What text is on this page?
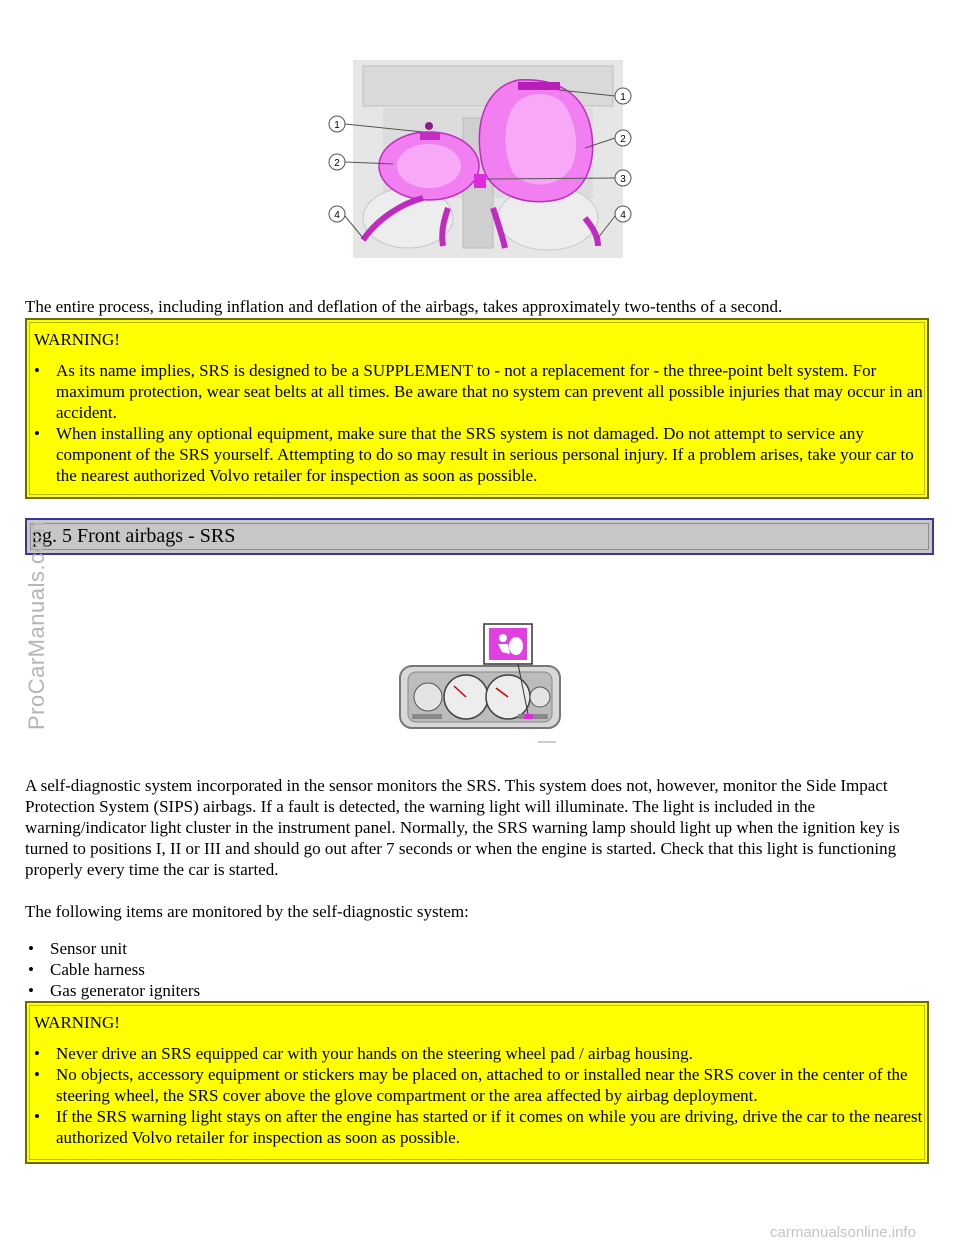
1
2
4
1
2
3
4

The entire process, including inflation and deflation of the airbags, takes approximately two-tenths of a second.

WARNING!
• As its name implies, SRS is designed to be a SUPPLEMENT to - not a replacement for - the three-point belt system. For maximum protection, wear seat belts at all times. Be aware that no system can prevent all possible injuries that may occur in an accident.
• When installing any optional equipment, make sure that the SRS system is not damaged. Do not attempt to service any component of the SRS yourself. Attempting to do so may result in serious personal injury. If a problem arises, take your car to the nearest authorized Volvo retailer for inspection as soon as possible.
pg. 5 Front airbags - SRS

A self-diagnostic system incorporated in the sensor monitors the SRS. This system does not, however, monitor the Side Impact Protection System (SIPS) airbags. If a fault is detected, the warning light will illuminate. The light is included in the warning/indicator light cluster in the instrument panel. Normally, the SRS warning lamp should light up when the ignition key is turned to positions I, II or III and should go out after 7 seconds or when the engine is started. Check that this light is functioning properly every time the car is started.

The following items are monitored by the self-diagnostic system:

• Sensor unit
• Cable harness
• Gas generator igniters
WARNING!
• Never drive an SRS equipped car with your hands on the steering wheel pad / airbag housing.
• No objects, accessory equipment or stickers may be placed on, attached to or installed near the SRS cover in the center of the steering wheel, the SRS cover above the glove compartment or the area affected by airbag deployment.
• If the SRS warning light stays on after the engine has started or if it comes on while you are driving, drive the car to the nearest authorized Volvo retailer for inspection as soon as possible.
ProCarManuals.com
carmanualsonline.info
